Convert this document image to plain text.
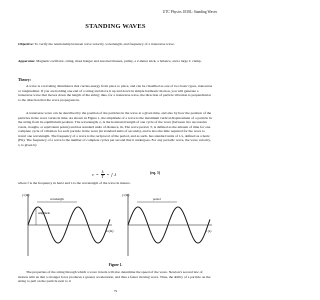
UTC Physics 1030L: Standing Waves
STANDING WAVES

Objective: To verify the relationship between wave velocity, wavelength, and frequency of a transverse wave.

Apparatus: Magnetic oscillator, string, mass hanger and assorted masses, pulley, a 2-meter stick, a balance, and a large C clamp.

Theory:

A wave is a traveling disturbance that carries energy from place to place, and can be classified as one of two basic types, transverse or longitudinal. If you are holding one end of a string and move it up and down in simple harmonic motion, you will generate a transverse wave that moves down the length of the string; thus, for a transverse wave, the direction of particle vibration is perpendicular to the direction that the wave propagates in.

A transverse wave can be described by the position of the particles in the wave at a given time, and also by how the position of the particles in the wave varies in time. As shown in Figure 1, the amplitude of a wave is the maximum vertical displacement of a particle in the string from its equilibrium position. The wavelength, λ, is the horizontal length of one cycle of the wave (between two successive crests, troughs, or equivalent points) and has standard units of distance, m. The wave period, T, is defined as the amount of time for one complete cycle of vibration for each particle in the wave (in standard units of seconds), and is also the time required for the wave to travel one wavelength. The frequency of a wave is the reciprocal of the period, and as such, has standard units of 1/s, defined as a hertz (Hz). The frequency of a wave is the number of complete cycles per second that it undergoes. For any periodic wave, the wave velocity, v, is given by

$v = \frac{\lambda}{T} = f$ λ	(eq. 1)

where f is the frequency in hertz and λ is the wavelength of the wave in meters.

y (m)
x (m)
amplitude
wavelength
y (m)
t (s)
period
Figure 1.

The properties of the string through which a wave travels will also determine the speed of the wave. Newton's second law of motion tells us that a stronger force produces a greater acceleration, and thus a faster moving wave. Thus, the ability of a particle on the string to pull on the particle next to it

79
